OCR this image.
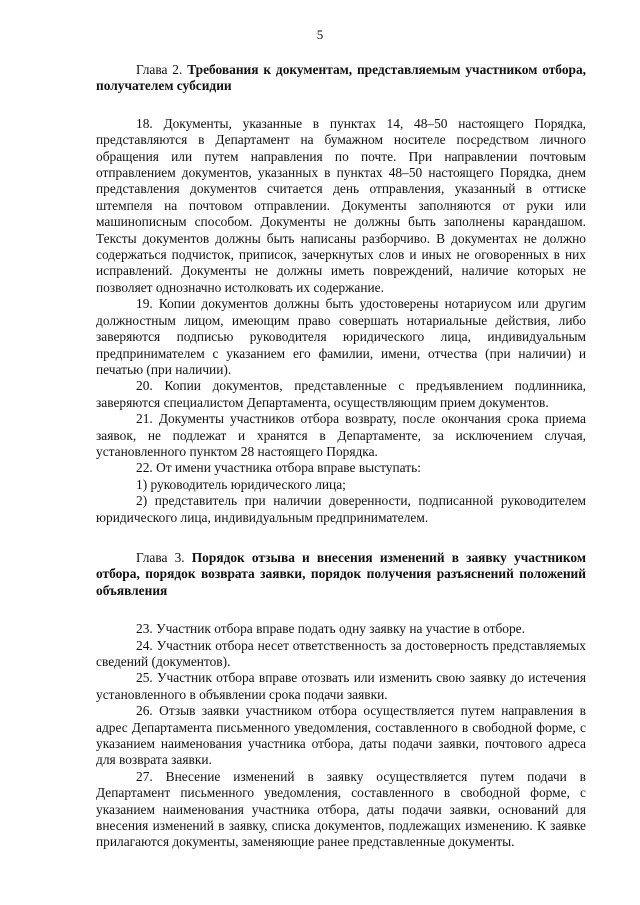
5
Глава 2. Требования к документам, представляемым участником отбора, получателем субсидии

18. Документы, указанные в пунктах 14, 48–50 настоящего Порядка, представляются в Департамент на бумажном носителе посредством личного обращения или путем направления по почте. При направлении почтовым отправлением документов, указанных в пунктах 48–50 настоящего Порядка, днем представления документов считается день отправления, указанный в оттиске штемпеля на почтовом отправлении. Документы заполняются от руки или машинописным способом. Документы не должны быть заполнены карандашом. Тексты документов должны быть написаны разборчиво. В документах не должно содержаться подчисток, приписок, зачеркнутых слов и иных не оговоренных в них исправлений. Документы не должны иметь повреждений, наличие которых не позволяет однозначно истолковать их содержание.

19. Копии документов должны быть удостоверены нотариусом или другим должностным лицом, имеющим право совершать нотариальные действия, либо заверяются подписью руководителя юридического лица, индивидуальным предпринимателем с указанием его фамилии, имени, отчества (при наличии) и печатью (при наличии).

20. Копии документов, представленные с предъявлением подлинника, заверяются специалистом Департамента, осуществляющим прием документов.

21. Документы участников отбора возврату, после окончания срока приема заявок, не подлежат и хранятся в Департаменте, за исключением случая, установленного пунктом 28 настоящего Порядка.

22. От имени участника отбора вправе выступать:

1) руководитель юридического лица;

2) представитель при наличии доверенности, подписанной руководителем юридического лица, индивидуальным предпринимателем.

Глава 3. Порядок отзыва и внесения изменений в заявку участником отбора, порядок возврата заявки, порядок получения разъяснений положений объявления

23. Участник отбора вправе подать одну заявку на участие в отборе.

24. Участник отбора несет ответственность за достоверность представляемых сведений (документов).

25. Участник отбора вправе отозвать или изменить свою заявку до истечения установленного в объявлении срока подачи заявки.

26. Отзыв заявки участником отбора осуществляется путем направления в адрес Департамента письменного уведомления, составленного в свободной форме, с указанием наименования участника отбора, даты подачи заявки, почтового адреса для возврата заявки.

27. Внесение изменений в заявку осуществляется путем подачи в Департамент письменного уведомления, составленного в свободной форме, с указанием наименования участника отбора, даты подачи заявки, оснований для внесения изменений в заявку, списка документов, подлежащих изменению. К заявке прилагаются документы, заменяющие ранее представленные документы.
